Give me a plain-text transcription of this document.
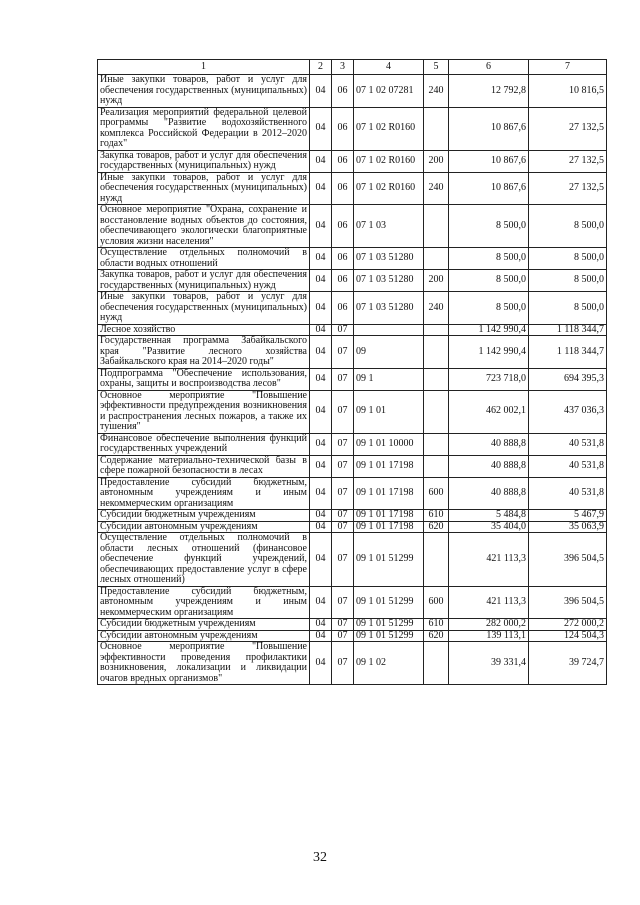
1	2	3	4	5	6	7
Иные закупки товаров, работ и услуг для обеспечения государственных (муниципальных) нужд	04	06	07 1 02 07281	240	12 792,8	10 816,5
Реализация мероприятий федеральной целевой программы "Развитие водохозяйственного комплекса Российской Федерации в 2012–2020 годах"	04	06	07 1 02 R0160		10 867,6	27 132,5
Закупка товаров, работ и услуг для обеспечения государственных (муниципальных) нужд	04	06	07 1 02 R0160	200	10 867,6	27 132,5
Иные закупки товаров, работ и услуг для обеспечения государственных (муниципальных) нужд	04	06	07 1 02 R0160	240	10 867,6	27 132,5
Основное мероприятие "Охрана, сохранение и восстановление водных объектов до состояния, обеспечивающего экологически благоприятные условия жизни населения"	04	06	07 1 03		8 500,0	8 500,0
Осуществление отдельных полномочий в области водных отношений	04	06	07 1 03 51280		8 500,0	8 500,0
Закупка товаров, работ и услуг для обеспечения государственных (муниципальных) нужд	04	06	07 1 03 51280	200	8 500,0	8 500,0
Иные закупки товаров, работ и услуг для обеспечения государственных (муниципальных) нужд	04	06	07 1 03 51280	240	8 500,0	8 500,0
Лесное хозяйство	04	07			1 142 990,4	1 118 344,7
Государственная программа Забайкальского края "Развитие лесного хозяйства Забайкальского края на 2014–2020 годы"	04	07	09		1 142 990,4	1 118 344,7
Подпрограмма "Обеспечение использования, охраны, защиты и воспроизводства лесов"	04	07	09 1		723 718,0	694 395,3
Основное мероприятие "Повышение эффективности предупреждения возникновения и распространения лесных пожаров, а также их тушения"	04	07	09 1 01		462 002,1	437 036,3
Финансовое обеспечение выполнения функций государственных учреждений	04	07	09 1 01 10000		40 888,8	40 531,8
Содержание материально-технической базы в сфере пожарной безопасности в лесах	04	07	09 1 01 17198		40 888,8	40 531,8
Предоставление субсидий бюджетным, автономным учреждениям и иным некоммерческим организациям	04	07	09 1 01 17198	600	40 888,8	40 531,8
Субсидии бюджетным учреждениям	04	07	09 1 01 17198	610	5 484,8	5 467,9
Субсидии автономным учреждениям	04	07	09 1 01 17198	620	35 404,0	35 063,9
Осуществление отдельных полномочий в области лесных отношений (финансовое обеспечение функций учреждений, обеспечивающих предоставление услуг в сфере лесных отношений)	04	07	09 1 01 51299		421 113,3	396 504,5
Предоставление субсидий бюджетным, автономным учреждениям и иным некоммерческим организациям	04	07	09 1 01 51299	600	421 113,3	396 504,5
Субсидии бюджетным учреждениям	04	07	09 1 01 51299	610	282 000,2	272 000,2
Субсидии автономным учреждениям	04	07	09 1 01 51299	620	139 113,1	124 504,3
Основное мероприятие "Повышение эффективности проведения профилактики возникновения, локализации и ликвидации очагов вредных организмов"	04	07	09 1 02		39 331,4	39 724,7
32
